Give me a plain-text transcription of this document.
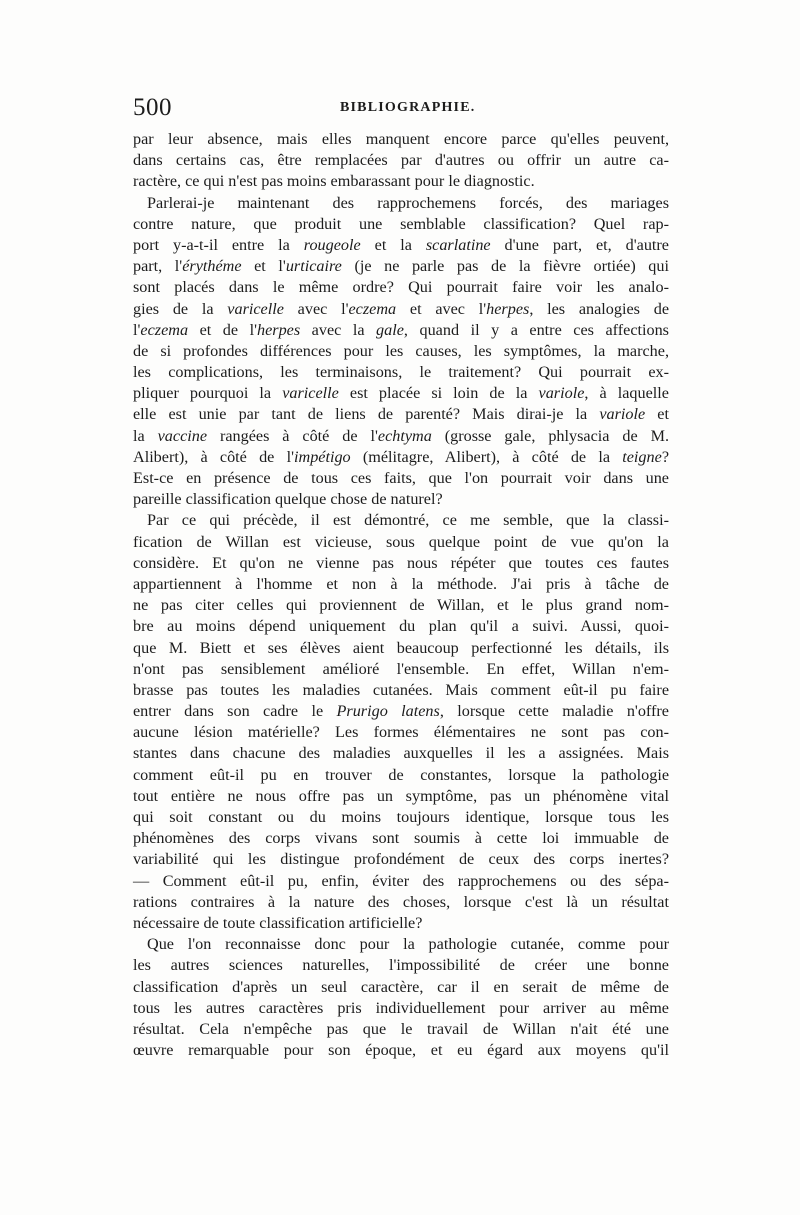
500	BIBLIOGRAPHIE.
par leur absence, mais elles manquent encore parce qu'elles peuvent,
dans certains cas, être remplacées par d'autres ou offrir un autre ca-
ractère, ce qui n'est pas moins embarassant pour le diagnostic.
Parlerai-je maintenant des rapprochemens forcés, des mariages
contre nature, que produit une semblable classification? Quel rap-
port y-a-t-il entre la rougeole et la scarlatine d'une part, et, d'autre
part, l'érythéme et l'urticaire (je ne parle pas de la fièvre ortiée) qui
sont placés dans le même ordre? Qui pourrait faire voir les analo-
gies de la varicelle avec l'eczema et avec l'herpes, les analogies de
l'eczema et de l'herpes avec la gale, quand il y a entre ces affections
de si profondes différences pour les causes, les symptômes, la marche,
les complications, les terminaisons, le traitement? Qui pourrait ex-
pliquer pourquoi la varicelle est placée si loin de la variole, à laquelle
elle est unie par tant de liens de parenté? Mais dirai-je la variole et
la vaccine rangées à côté de l'echtyma (grosse gale, phlysacia de M.
Alibert), à côté de l'impétigo (mélitagre, Alibert), à côté de la teigne?
Est-ce en présence de tous ces faits, que l'on pourrait voir dans une
pareille classification quelque chose de naturel?
Par ce qui précède, il est démontré, ce me semble, que la classi-
fication de Willan est vicieuse, sous quelque point de vue qu'on la
considère. Et qu'on ne vienne pas nous répéter que toutes ces fautes
appartiennent à l'homme et non à la méthode. J'ai pris à tâche de
ne pas citer celles qui proviennent de Willan, et le plus grand nom-
bre au moins dépend uniquement du plan qu'il a suivi. Aussi, quoi-
que M. Biett et ses élèves aient beaucoup perfectionné les détails, ils
n'ont pas sensiblement amélioré l'ensemble. En effet, Willan n'em-
brasse pas toutes les maladies cutanées. Mais comment eût-il pu faire
entrer dans son cadre le Prurigo latens, lorsque cette maladie n'offre
aucune lésion matérielle? Les formes élémentaires ne sont pas con-
stantes dans chacune des maladies auxquelles il les a assignées. Mais
comment eût-il pu en trouver de constantes, lorsque la pathologie
tout entière ne nous offre pas un symptôme, pas un phénomène vital
qui soit constant ou du moins toujours identique, lorsque tous les
phénomènes des corps vivans sont soumis à cette loi immuable de
variabilité qui les distingue profondément de ceux des corps inertes?
— Comment eût-il pu, enfin, éviter des rapprochemens ou des sépa-
rations contraires à la nature des choses, lorsque c'est là un résultat
nécessaire de toute classification artificielle?
Que l'on reconnaisse donc pour la pathologie cutanée, comme pour
les autres sciences naturelles, l'impossibilité de créer une bonne
classification d'après un seul caractère, car il en serait de même de
tous les autres caractères pris individuellement pour arriver au même
résultat. Cela n'empêche pas que le travail de Willan n'ait été une
œuvre remarquable pour son époque, et eu égard aux moyens qu'il
